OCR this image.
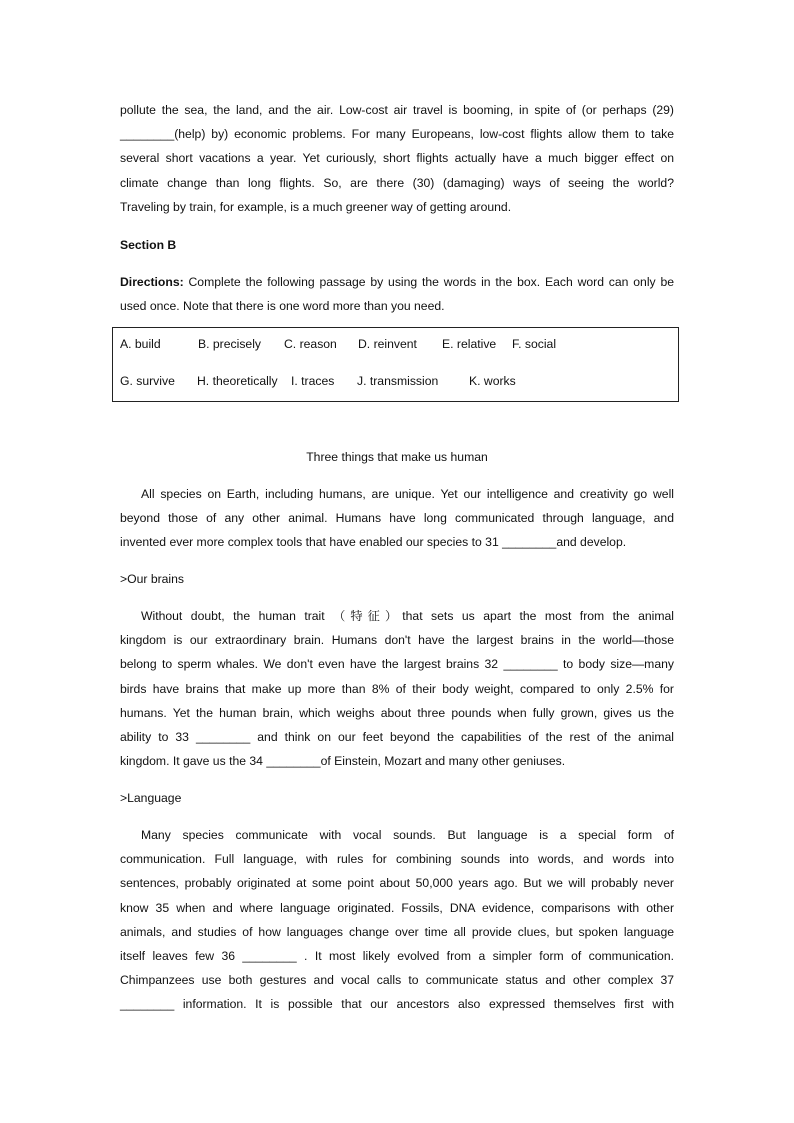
pollute the sea, the land, and the air. Low-cost air travel is booming, in spite of (or perhaps (29)
________(help) by) economic problems. For many Europeans, low-cost flights allow them to take
several short vacations a year. Yet curiously, short flights actually have a much bigger effect on
climate change than long flights. So, are there (30) (damaging) ways of seeing the world?
Traveling by train, for example, is a much greener way of getting around.
Section B
Directions: Complete the following passage by using the words in the box. Each word can only be
used once. Note that there is one word more than you need.
A. build	B. precisely C. reason D. reinvent E. relative F. social
G. survive H. theoretically I. traces J. transmission	K. works
Three things that make us human
All species on Earth, including humans, are unique. Yet our intelligence and creativity go well
beyond those of any other animal. Humans have long communicated through language, and
invented ever more complex tools that have enabled our species to 31 ________and develop.
>Our brains
Without doubt, the human trait （特征）that sets us apart the most from the animal
kingdom is our extraordinary brain. Humans don't have the largest brains in the world—those
belong to sperm whales. We don't even have the largest brains 32 ________ to body size—many
birds have brains that make up more than 8% of their body weight, compared to only 2.5% for
humans. Yet the human brain, which weighs about three pounds when fully grown, gives us the
ability to 33 ________ and think on our feet beyond the capabilities of the rest of the animal
kingdom. It gave us the 34 ________of Einstein, Mozart and many other geniuses.
>Language
Many species communicate with vocal sounds. But language is a special form of
communication. Full language, with rules for combining sounds into words, and words into
sentences, probably originated at some point about 50,000 years ago. But we will probably never
know 35 when and where language originated. Fossils, DNA evidence, comparisons with other
animals, and studies of how languages change over time all provide clues, but spoken language
itself leaves few 36 ________ . It most likely evolved from a simpler form of communication.
Chimpanzees use both gestures and vocal calls to communicate status and other complex 37
________ information. It is possible that our ancestors also expressed themselves first with
